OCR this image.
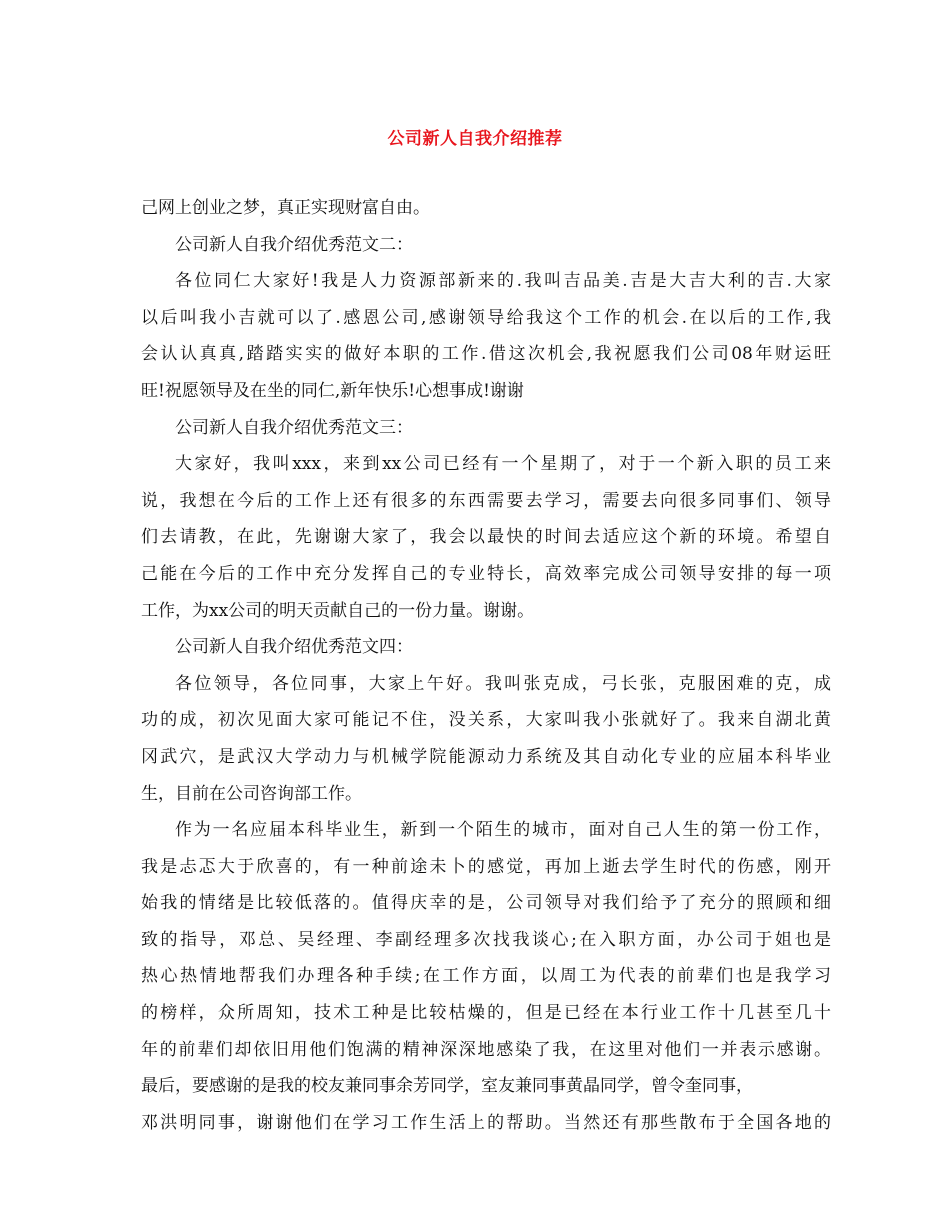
公司新人自我介绍推荐
己网上创业之梦，真正实现财富自由。
公司新人自我介绍优秀范文二：
各位同仁大家好!我是人力资源部新来的.我叫吉品美.吉是大吉大利的吉.大家
以后叫我小吉就可以了.感恩公司,感谢领导给我这个工作的机会.在以后的工作,我
会认认真真,踏踏实实的做好本职的工作.借这次机会,我祝愿我们公司08年财运旺
旺!祝愿领导及在坐的同仁,新年快乐!心想事成!谢谢
公司新人自我介绍优秀范文三：
大家好，我叫xxx，来到xx公司已经有一个星期了，对于一个新入职的员工来
说，我想在今后的工作上还有很多的东西需要去学习，需要去向很多同事们、领导
们去请教，在此，先谢谢大家了，我会以最快的时间去适应这个新的环境。希望自
己能在今后的工作中充分发挥自己的专业特长，高效率完成公司领导安排的每一项
工作，为xx公司的明天贡献自己的一份力量。谢谢。
公司新人自我介绍优秀范文四：
各位领导，各位同事，大家上午好。我叫张克成，弓长张，克服困难的克，成
功的成，初次见面大家可能记不住，没关系，大家叫我小张就好了。我来自湖北黄
冈武穴，是武汉大学动力与机械学院能源动力系统及其自动化专业的应届本科毕业
生，目前在公司咨询部工作。
作为一名应届本科毕业生，新到一个陌生的城市，面对自己人生的第一份工作，
我是忐忑大于欣喜的，有一种前途未卜的感觉，再加上逝去学生时代的伤感，刚开
始我的情绪是比较低落的。值得庆幸的是，公司领导对我们给予了充分的照顾和细
致的指导，邓总、吴经理、李副经理多次找我谈心;在入职方面，办公司于姐也是
热心热情地帮我们办理各种手续;在工作方面，以周工为代表的前辈们也是我学习
的榜样，众所周知，技术工种是比较枯燥的，但是已经在本行业工作十几甚至几十
年的前辈们却依旧用他们饱满的精神深深地感染了我，在这里对他们一并表示感谢。
最后，要感谢的是我的校友兼同事余芳同学，室友兼同事黄晶同学，曾令奎同事，
邓洪明同事，谢谢他们在学习工作生活上的帮助。当然还有那些散布于全国各地的
